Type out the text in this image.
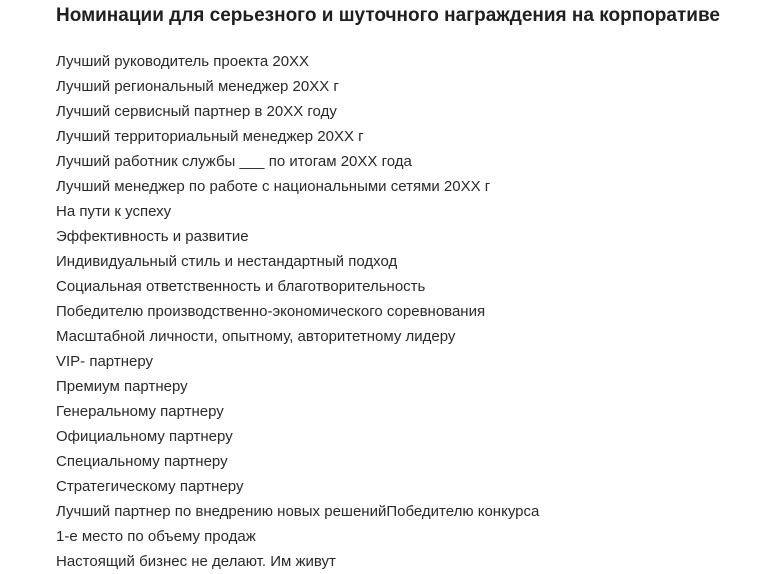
Номинации для серьезного и шуточного награждения на корпоративе
Лучший руководитель проекта 20XX
Лучший региональный менеджер 20XX г
Лучший сервисный партнер в 20XX году
Лучший территориальный менеджер 20XX г
Лучший работник службы ___ по итогам 20XX года
Лучший менеджер по работе с национальными сетями 20XX г
На пути к успеху
Эффективность и развитие
Индивидуальный стиль и нестандартный подход
Социальная ответственность и благотворительность
Победителю производственно-экономического соревнования
Масштабной личности, опытному, авторитетному лидеру
VIP- партнеру
Премиум партнеру
Генеральному партнеру
Официальному партнеру
Специальному партнеру
Стратегическому партнеру
Лучший партнер по внедрению новых решенийПобедителю конкурса
1-е место по объему продаж
Настоящий бизнес не делают. Им живут
